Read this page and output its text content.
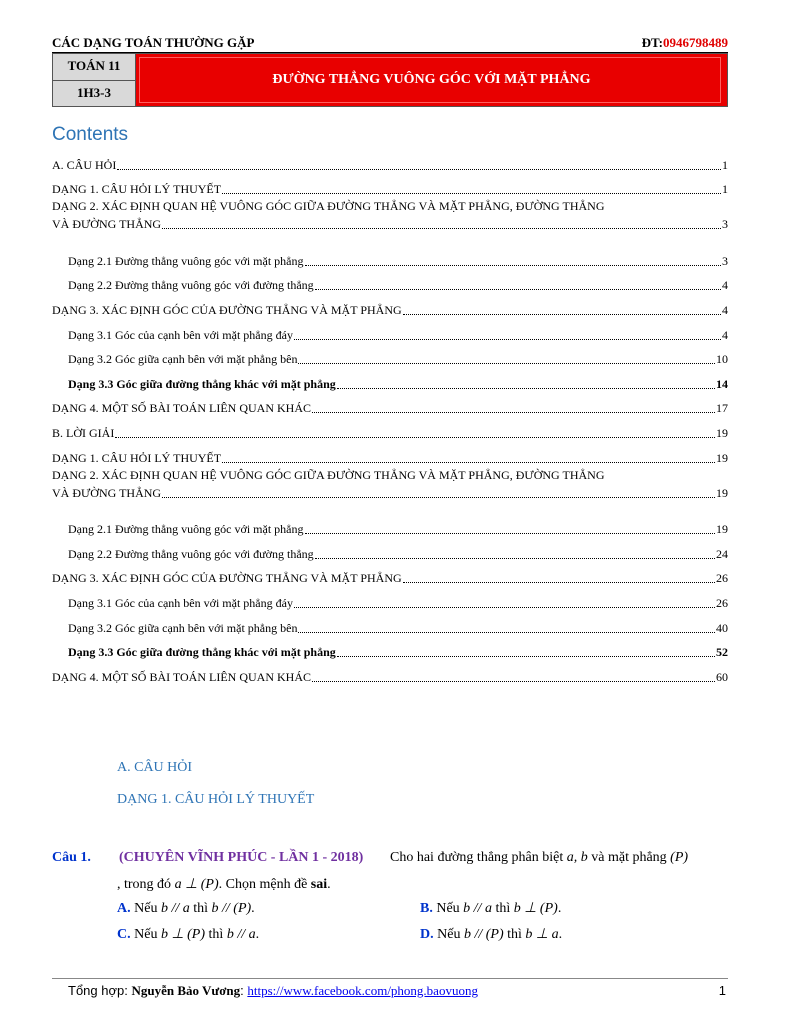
CÁC DẠNG TOÁN THƯỜNG GẶP	ĐT:0946798489
TOÁN 11
1H3-3
ĐƯỜNG THẲNG VUÔNG GÓC VỚI MẶT PHẲNG
Contents
A. CÂU HỎI	1
DẠNG 1. CÂU HỎI LÝ THUYẾT	1
DẠNG 2. XÁC ĐỊNH QUAN HỆ VUÔNG GÓC GIỮA ĐƯỜNG THẲNG VÀ MẶT PHẲNG, ĐƯỜNG THẲNG
VÀ ĐƯỜNG THẲNG	3
Dạng 2.1 Đường thẳng vuông góc với mặt phẳng	3
Dạng 2.2 Đường thẳng vuông góc với đường thẳng	4
DẠNG 3. XÁC ĐỊNH GÓC CỦA ĐƯỜNG THẲNG VÀ MẶT PHẲNG	4
Dạng 3.1 Góc của cạnh bên với mặt phẳng đáy	4
Dạng 3.2 Góc giữa cạnh bên với mặt phẳng bên	10
Dạng 3.3 Góc giữa đường thẳng khác với mặt phẳng	14
DẠNG 4. MỘT SỐ BÀI TOÁN LIÊN QUAN KHÁC	17
B. LỜI GIẢI	19
DẠNG 1. CÂU HỎI LÝ THUYẾT	19
DẠNG 2. XÁC ĐỊNH QUAN HỆ VUÔNG GÓC GIỮA ĐƯỜNG THẲNG VÀ MẶT PHẲNG, ĐƯỜNG THẲNG
VÀ ĐƯỜNG THẲNG	19
Dạng 2.1 Đường thẳng vuông góc với mặt phẳng	19
Dạng 2.2 Đường thẳng vuông góc với đường thẳng	24
DẠNG 3. XÁC ĐỊNH GÓC CỦA ĐƯỜNG THẲNG VÀ MẶT PHẲNG	26
Dạng 3.1 Góc của cạnh bên với mặt phẳng đáy	26
Dạng 3.2 Góc giữa cạnh bên với mặt phẳng bên	40
Dạng 3.3 Góc giữa đường thẳng khác với mặt phẳng	52
DẠNG 4. MỘT SỐ BÀI TOÁN LIÊN QUAN KHÁC	60
A. CÂU HỎI
DẠNG 1. CÂU HỎI LÝ THUYẾT
Câu 1. (CHUYÊN VĨNH PHÚC - LẦN 1 - 2018) Cho hai đường thẳng phân biệt a, b và mặt phẳng (P)
, trong đó a ⊥ (P). Chọn mệnh đề sai.
A. Nếu b // a thì b // (P).	B. Nếu b // a thì b ⊥ (P).
C. Nếu b ⊥ (P) thì b // a.	D. Nếu b // (P) thì b ⊥ a.
Tổng hợp: Nguyễn Bảo Vương: https://www.facebook.com/phong.baovuong	1
